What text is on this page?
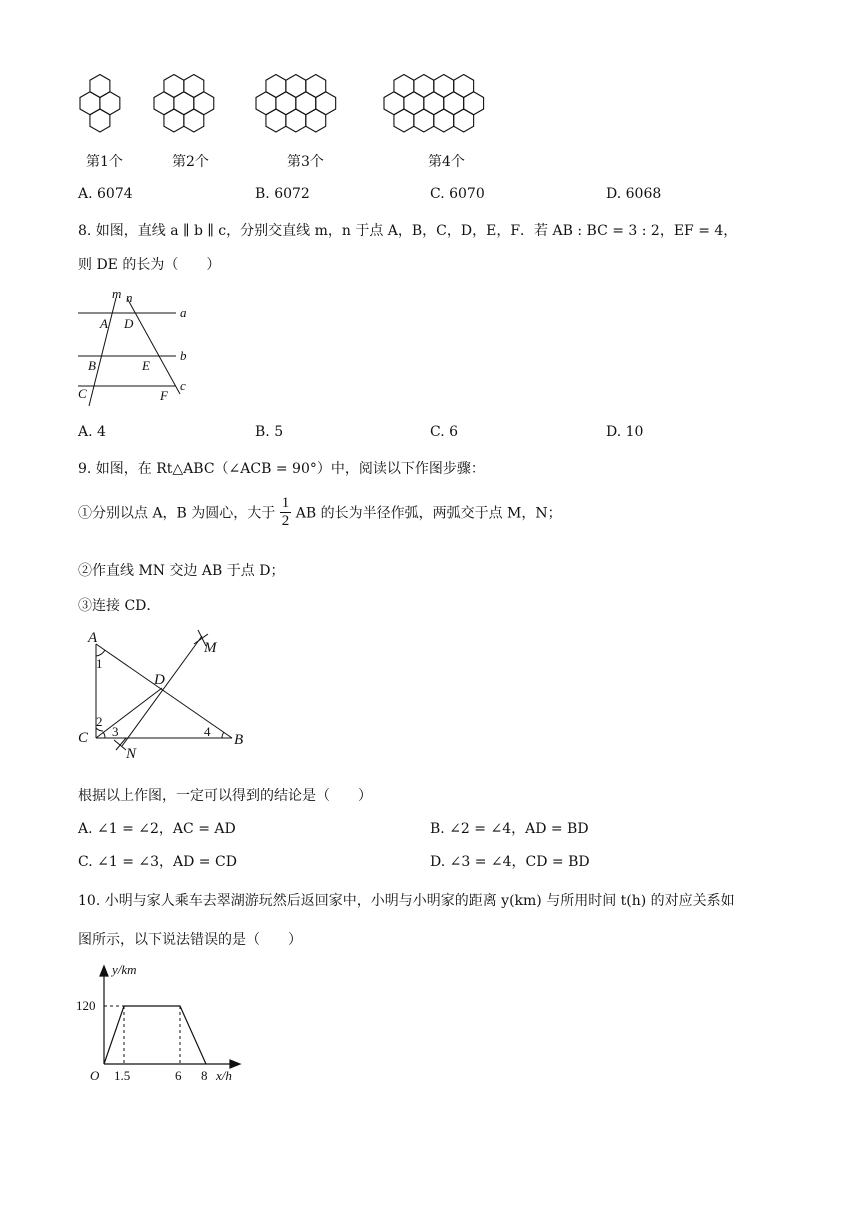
第1个	第2个	第3个	第4个
A. 6074	B. 6072	C. 6070	D. 6068
8. 如图，直线 a ∥ b ∥ c，分别交直线 m，n 于点 A，B，C，D，E，F．若 AB : BC = 3 : 2，EF = 4，
则 DE 的长为（　　）
m n
a
b
c
A D
B	E
C	F
A. 4	B. 5	C. 6	D. 10
9. 如图，在 Rt△ABC（∠ACB = 90°）中，阅读以下作图步骤：
①分别以点 A，B 为圆心，大于 $\frac{1}{2}$ AB 的长为半径作弧，两弧交于点 M，N；
②作直线 MN 交边 AB 于点 D；
③连接 CD．
A
B
C
D
M
N
1
2
3	4
根据以上作图，一定可以得到的结论是（　　）
A. ∠1 = ∠2，AC = AD	B. ∠2 = ∠4，AD = BD
C. ∠1 = ∠3，AD = CD	D. ∠3 = ∠4，CD = BD
10. 小明与家人乘车去翠湖游玩然后返回家中，小明与小明家的距离 y(km) 与所用时间 t(h) 的对应关系如
图所示，以下说法错误的是（　　）
y/km
x/h
O
120
1.5	6 8
